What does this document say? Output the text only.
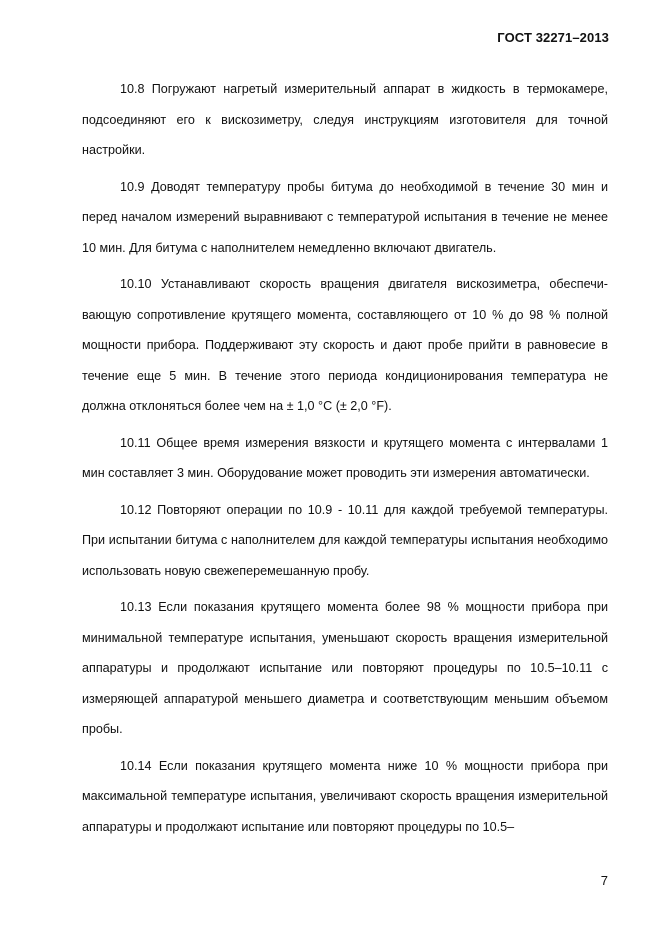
ГОСТ 32271–2013

10.8 Погружают нагретый измерительный аппарат в жидкость в термокамере, подсоединяют его к вискозиметру, следуя инструкциям изготовителя для точной настройки.

10.9 Доводят температуру пробы битума до необходимой в течение 30 мин и перед началом измерений выравнивают с температурой испытания в течение не менее 10 мин. Для битума с наполнителем немедленно включают двигатель.

10.10 Устанавливают скорость вращения двигателя вискозиметра, обеспечивающую сопротивление крутящего момента, составляющего от 10 % до 98 % полной мощности прибора. Поддерживают эту скорость и дают пробе прийти в равновесие в течение еще 5 мин. В течение этого периода кондиционирования температура не должна отклоняться более чем на ± 1,0 °С (± 2,0 °F).

10.11 Общее время измерения вязкости и крутящего момента с интервалами 1 мин составляет 3 мин. Оборудование может проводить эти измерения автоматически.

10.12 Повторяют операции по 10.9 - 10.11 для каждой требуемой температуры. При испытании битума с наполнителем для каждой температуры испытания необходимо использовать новую свежеперемешанную пробу.

10.13 Если показания крутящего момента более 98 % мощности прибора при минимальной температуре испытания, уменьшают скорость вращения измерительной аппаратуры и продолжают испытание или повторяют процедуры по 10.5–10.11 с измеряющей аппаратурой меньшего диаметра и соответствующим меньшим объемом пробы.

10.14 Если показания крутящего момента ниже 10 % мощности прибора при максимальной температуре испытания, увеличивают скорость вращения измерительной аппаратуры и продолжают испытание или повторяют процедуры по 10.5–

7
